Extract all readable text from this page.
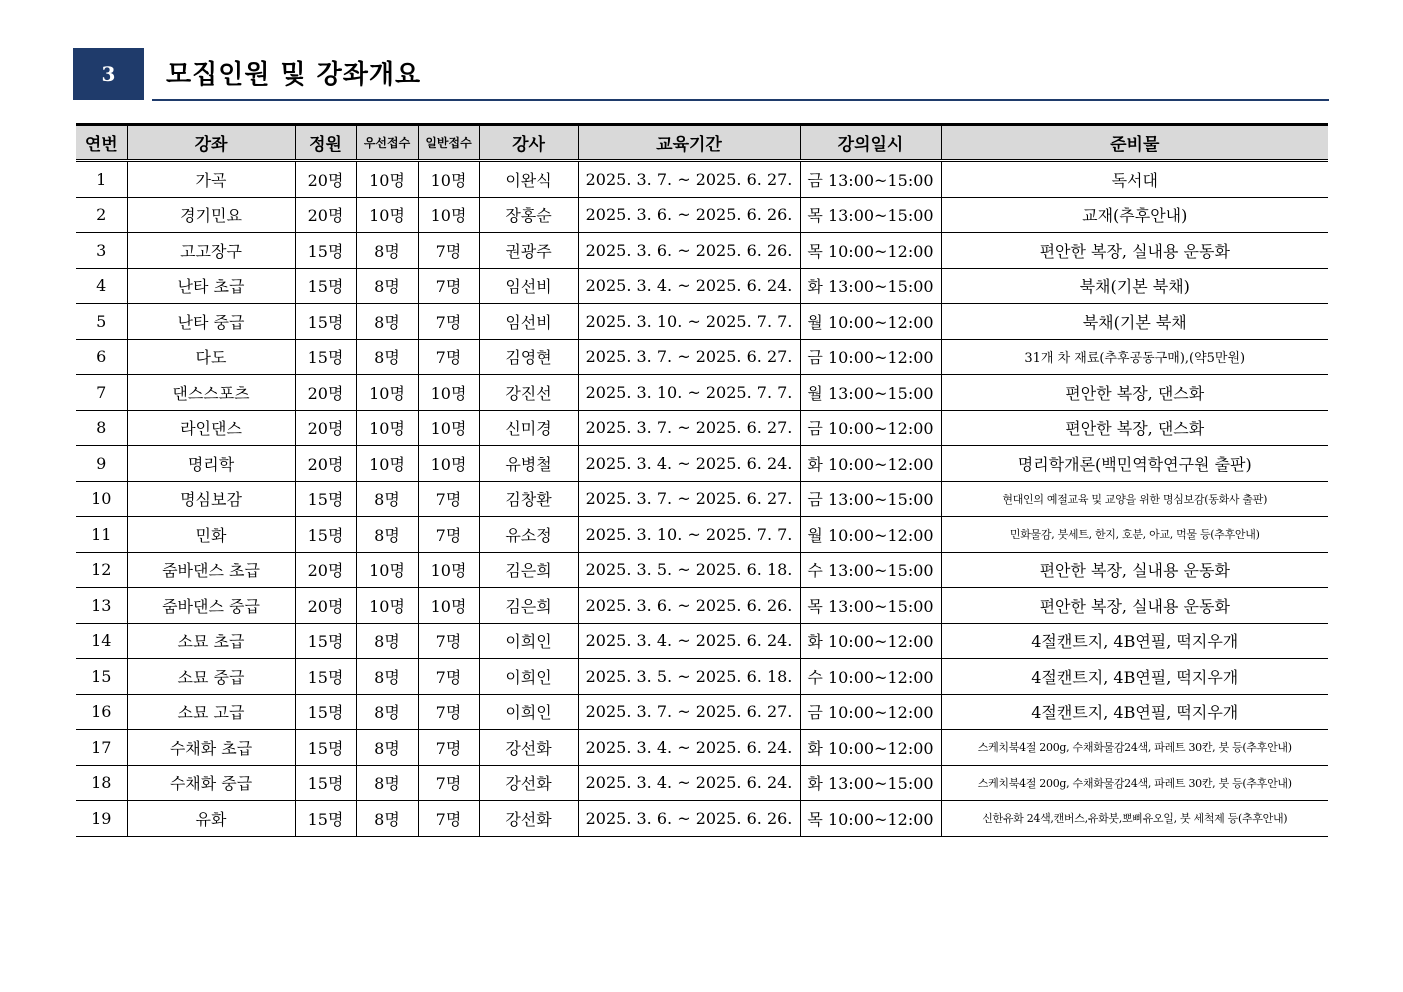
3	모집인원 및 강좌개요
연번	강좌	정원	우선접수	일반접수	강사	교육기간	강의일시	준비물
1	가곡	20명	10명	10명	이완식	2025. 3. 7. ~ 2025. 6. 27.	금 13:00~15:00	독서대
2	경기민요	20명	10명	10명	장홍순	2025. 3. 6. ~ 2025. 6. 26.	목 13:00~15:00	교재(추후안내)
3	고고장구	15명	8명	7명	권광주	2025. 3. 6. ~ 2025. 6. 26.	목 10:00~12:00	편안한 복장, 실내용 운동화
4	난타 초급	15명	8명	7명	임선비	2025. 3. 4. ~ 2025. 6. 24.	화 13:00~15:00	북채(기본 북채)
5	난타 중급	15명	8명	7명	임선비	2025. 3. 10. ~ 2025. 7. 7.	월 10:00~12:00	북채(기본 북채
6	다도	15명	8명	7명	김영현	2025. 3. 7. ~ 2025. 6. 27.	금 10:00~12:00	31개 차 재료(추후공동구매),(약5만원)
7	댄스스포츠	20명	10명	10명	강진선	2025. 3. 10. ~ 2025. 7. 7.	월 13:00~15:00	편안한 복장, 댄스화
8	라인댄스	20명	10명	10명	신미경	2025. 3. 7. ~ 2025. 6. 27.	금 10:00~12:00	편안한 복장, 댄스화
9	명리학	20명	10명	10명	유병철	2025. 3. 4. ~ 2025. 6. 24.	화 10:00~12:00	명리학개론(백민역학연구원 출판)
10	명심보감	15명	8명	7명	김창환	2025. 3. 7. ~ 2025. 6. 27.	금 13:00~15:00	현대인의 예절교육 및 교양을 위한 명심보감(동화사 출판)
11	민화	15명	8명	7명	유소정	2025. 3. 10. ~ 2025. 7. 7.	월 10:00~12:00	민화물감, 붓세트, 한지, 호분, 아교, 먹물 등(추후안내)
12	줌바댄스 초급	20명	10명	10명	김은희	2025. 3. 5. ~ 2025. 6. 18.	수 13:00~15:00	편안한 복장, 실내용 운동화
13	줌바댄스 중급	20명	10명	10명	김은희	2025. 3. 6. ~ 2025. 6. 26.	목 13:00~15:00	편안한 복장, 실내용 운동화
14	소묘 초급	15명	8명	7명	이희인	2025. 3. 4. ~ 2025. 6. 24.	화 10:00~12:00	4절캔트지, 4B연필, 떡지우개
15	소묘 중급	15명	8명	7명	이희인	2025. 3. 5. ~ 2025. 6. 18.	수 10:00~12:00	4절캔트지, 4B연필, 떡지우개
16	소묘 고급	15명	8명	7명	이희인	2025. 3. 7. ~ 2025. 6. 27.	금 10:00~12:00	4절캔트지, 4B연필, 떡지우개
17	수채화 초급	15명	8명	7명	강선화	2025. 3. 4. ~ 2025. 6. 24.	화 10:00~12:00	스케치북4절 200g, 수채화물감24색, 파레트 30칸, 붓 등(추후안내)
18	수채화 중급	15명	8명	7명	강선화	2025. 3. 4. ~ 2025. 6. 24.	화 13:00~15:00	스케치북4절 200g, 수채화물감24색, 파레트 30칸, 붓 등(추후안내)
19	유화	15명	8명	7명	강선화	2025. 3. 6. ~ 2025. 6. 26.	목 10:00~12:00	신한유화 24색,캔버스,유화붓,뽀삐유오일, 붓 세척제 등(추후안내)
